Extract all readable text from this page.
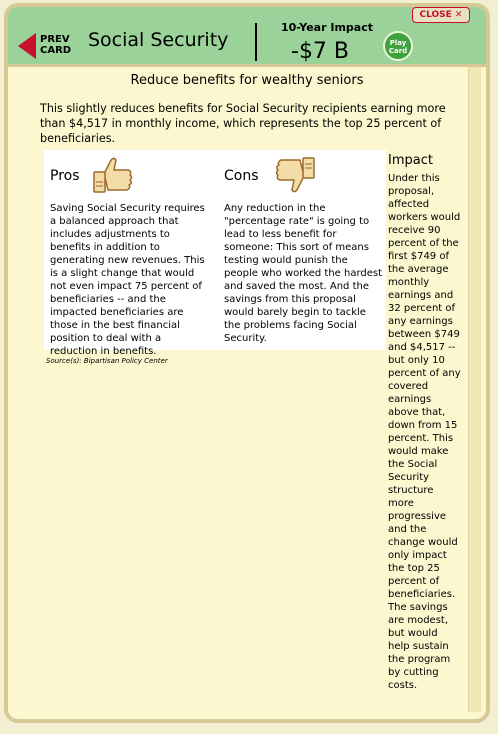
PREV
CARD Social Security
10-Year Impact
-$7 B	Play
Card
CLOSE ✕
Reduce benefits for wealthy seniors
This slightly reduces benefits for Social Security recipients earning more than $4,517 in monthly income, which represents the top 25 percent of beneficiaries.
Pros
Saving Social Security requires a balanced approach that includes adjustments to benefits in addition to generating new revenues. This is a slight change that would not even impact 75 percent of beneficiaries -- and the impacted beneficiaries are those in the best financial position to deal with a reduction in benefits.
Cons
Any reduction in the "percentage rate" is going to lead to less benefit for someone: This sort of means testing would punish the people who worked the hardest and saved the most. And the savings from this proposal would barely begin to tackle the problems facing Social Security.
Source(s): Bipartisan Policy Center
Impact
Under this proposal, affected workers would receive 90 percent of the first $749 of the average monthly earnings and 32 percent of any earnings between $749 and $4,517 -- but only 10 percent of any covered earnings above that, down from 15 percent. This would make the Social Security structure more progressive and the change would only impact the top 25 percent of beneficiaries. The savings are modest, but would help sustain the program by cutting costs.
